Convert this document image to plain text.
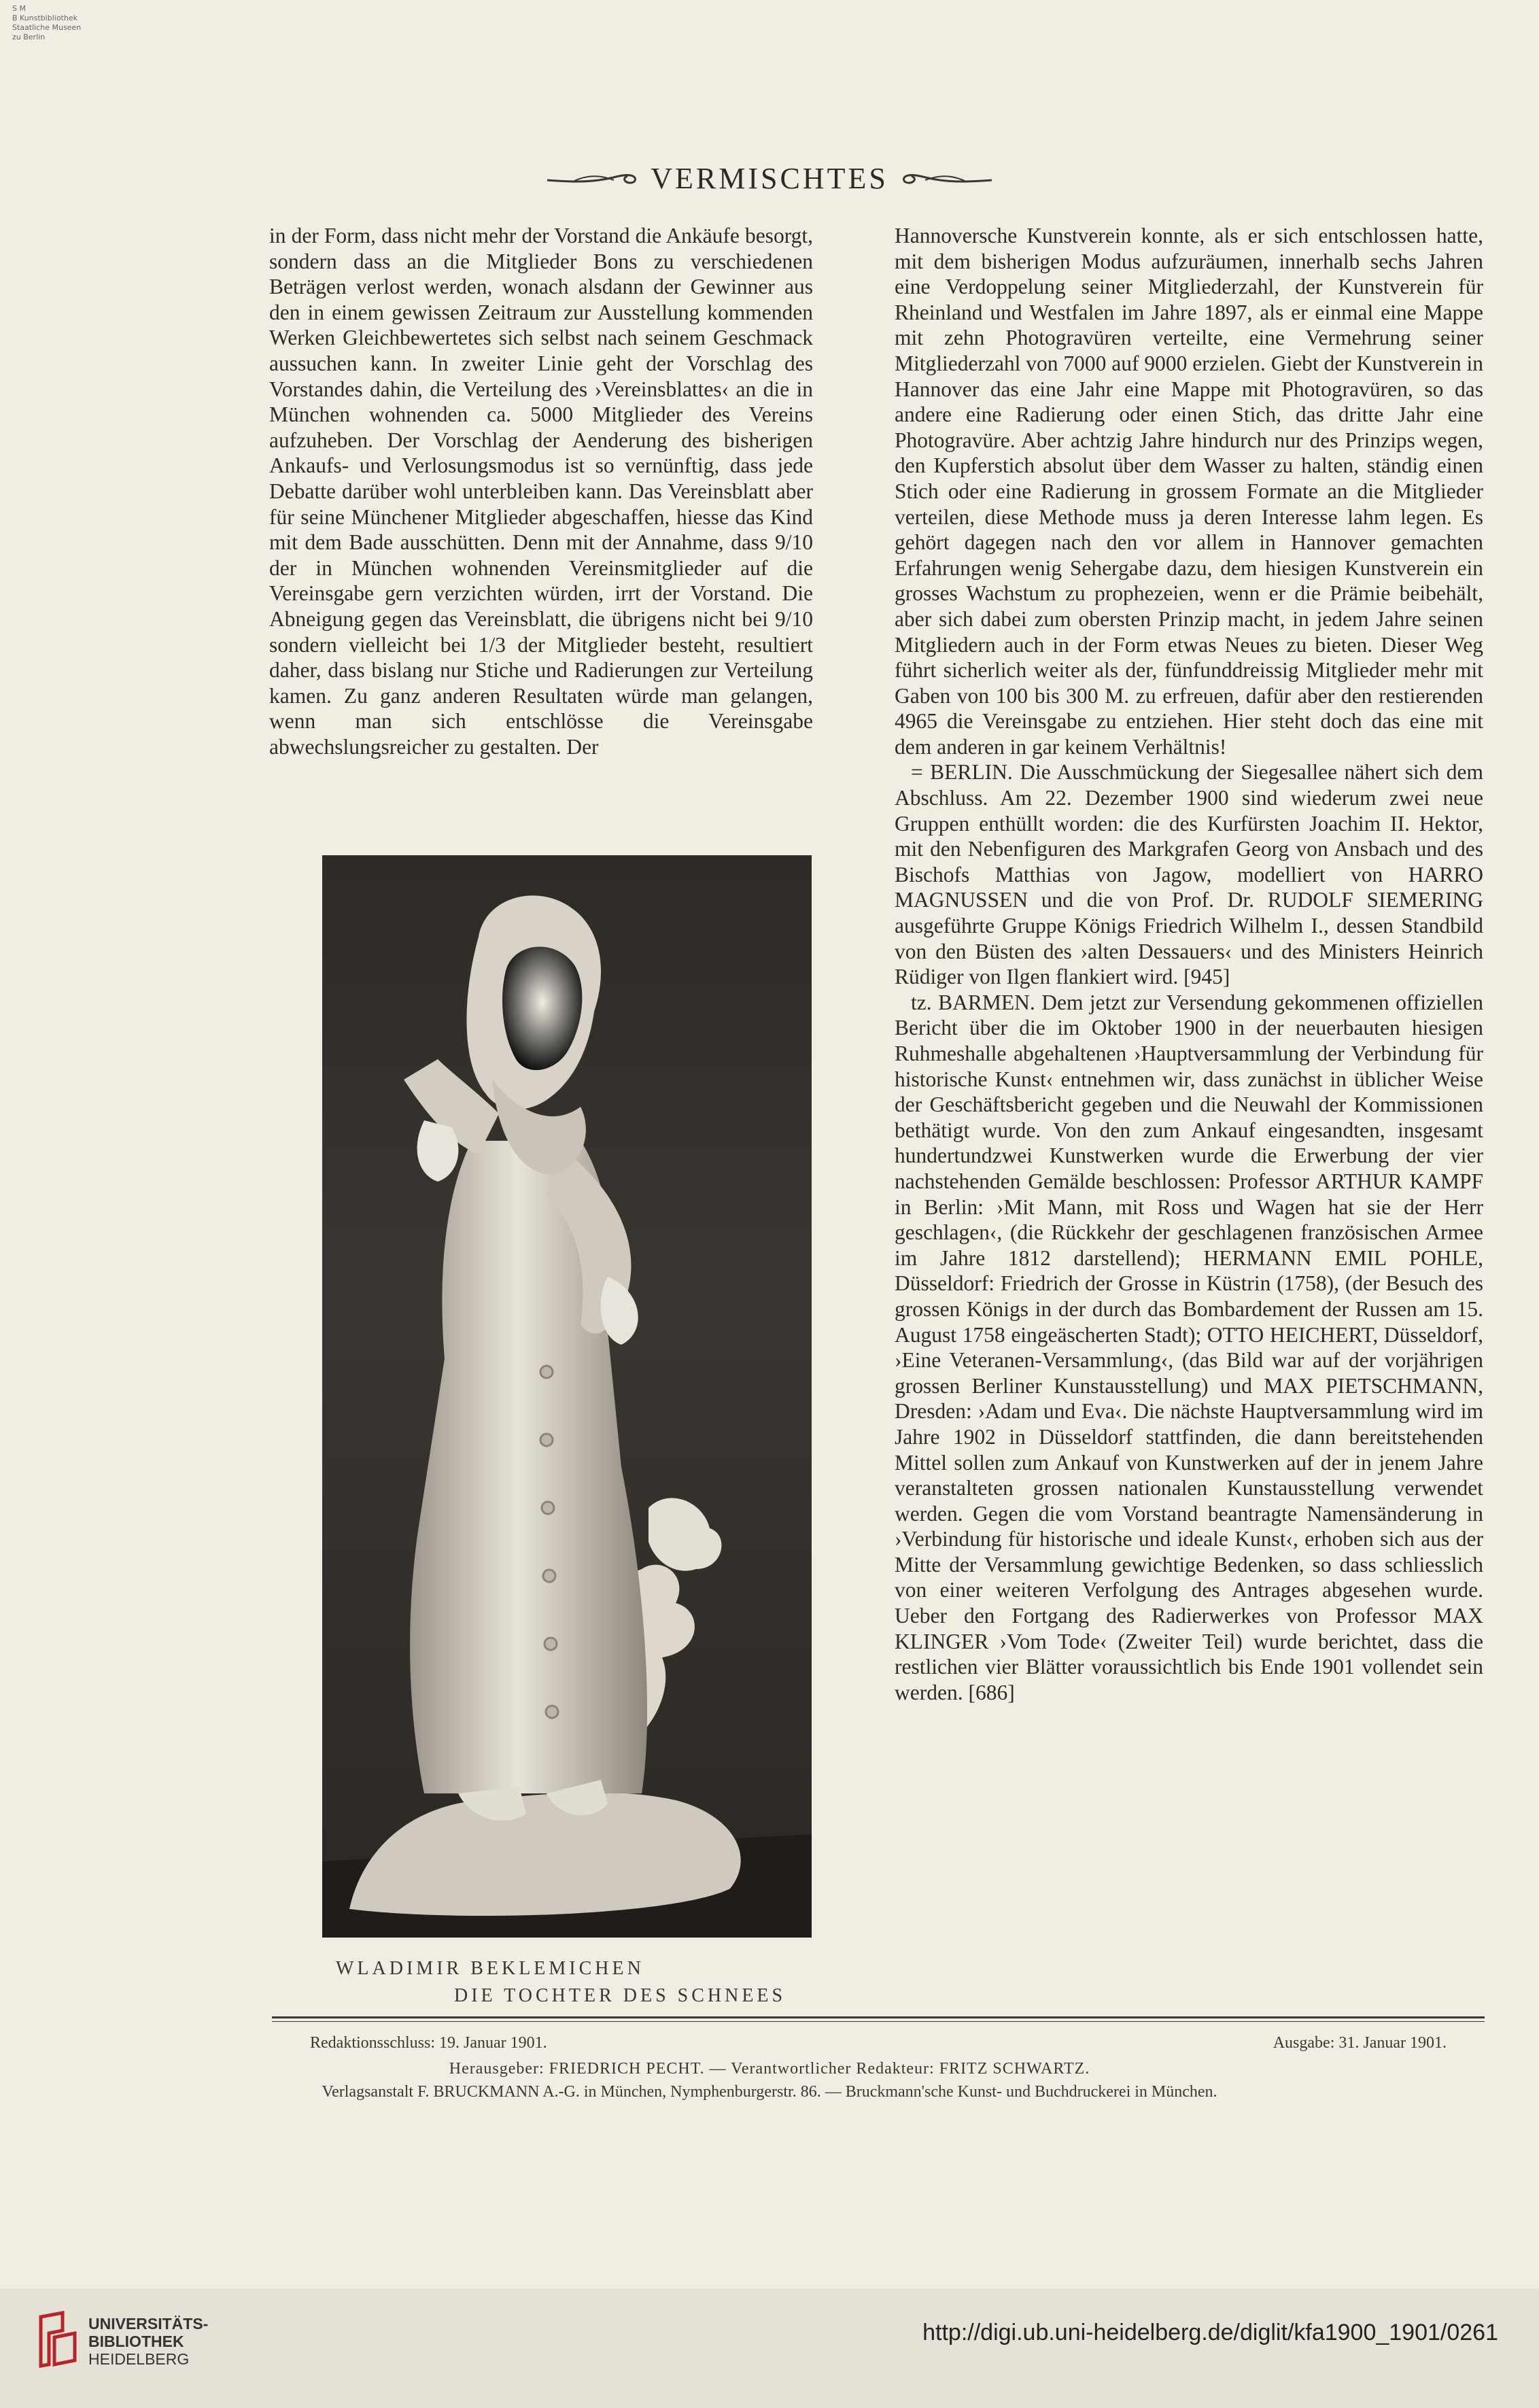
S M
B Kunstbibliothek
Staatliche Museen
zu Berlin
VERMISCHTES

in der Form, dass nicht mehr der Vorstand die Ankäufe besorgt, sondern dass an die Mitglieder Bons zu verschiedenen Beträgen verlost werden, wonach alsdann der Gewinner aus den in einem gewissen Zeitraum zur Ausstellung kommenden Werken Gleichbewertetes sich selbst nach seinem Geschmack aussuchen kann. In zweiter Linie geht der Vorschlag des Vorstandes dahin, die Verteilung des ›Vereinsblattes‹ an die in München wohnenden ca. 5000 Mitglieder des Vereins aufzuheben. Der Vorschlag der Aenderung des bisherigen Ankaufs- und Verlosungsmodus ist so vernünftig, dass jede Debatte darüber wohl unterbleiben kann. Das Vereinsblatt aber für seine Münchener Mitglieder abgeschaffen, hiesse das Kind mit dem Bade ausschütten. Denn mit der Annahme, dass 9/10 der in München wohnenden Vereinsmitglieder auf die Vereinsgabe gern verzichten würden, irrt der Vorstand. Die Abneigung gegen das Vereinsblatt, die übrigens nicht bei 9/10 sondern vielleicht bei 1/3 der Mitglieder besteht, resultiert daher, dass bislang nur Stiche und Radierungen zur Verteilung kamen. Zu ganz anderen Resultaten würde man gelangen, wenn man sich entschlösse die Vereinsgabe abwechslungsreicher zu gestalten. Der

Hannoversche Kunstverein konnte, als er sich entschlossen hatte, mit dem bisherigen Modus aufzuräumen, innerhalb sechs Jahren eine Verdoppelung seiner Mitgliederzahl, der Kunstverein für Rheinland und Westfalen im Jahre 1897, als er einmal eine Mappe mit zehn Photogravüren verteilte, eine Vermehrung seiner Mitgliederzahl von 7000 auf 9000 erzielen. Giebt der Kunstverein in Hannover das eine Jahr eine Mappe mit Photogravüren, so das andere eine Radierung oder einen Stich, das dritte Jahr eine Photogravüre. Aber achtzig Jahre hindurch nur des Prinzips wegen, den Kupferstich absolut über dem Wasser zu halten, ständig einen Stich oder eine Radierung in grossem Formate an die Mitglieder verteilen, diese Methode muss ja deren Interesse lahm legen. Es gehört dagegen nach den vor allem in Hannover gemachten Erfahrungen wenig Sehergabe dazu, dem hiesigen Kunstverein ein grosses Wachstum zu prophezeien, wenn er die Prämie beibehält, aber sich dabei zum obersten Prinzip macht, in jedem Jahre seinen Mitgliedern auch in der Form etwas Neues zu bieten. Dieser Weg führt sicherlich weiter als der, fünfunddreissig Mitglieder mehr mit Gaben von 100 bis 300 M. zu erfreuen, dafür aber den restierenden 4965 die Vereinsgabe zu entziehen. Hier steht doch das eine mit dem anderen in gar keinem Verhältnis!

= BERLIN. Die Ausschmückung der Siegesallee nähert sich dem Abschluss. Am 22. Dezember 1900 sind wiederum zwei neue Gruppen enthüllt worden: die des Kurfürsten Joachim II. Hektor, mit den Nebenfiguren des Markgrafen Georg von Ansbach und des Bischofs Matthias von Jagow, modelliert von HARRO MAGNUSSEN und die von Prof. Dr. RUDOLF SIEMERING ausgeführte Gruppe Königs Friedrich Wilhelm I., dessen Standbild von den Büsten des ›alten Dessauers‹ und des Ministers Heinrich Rüdiger von Ilgen flankiert wird. [945]

tz. BARMEN. Dem jetzt zur Versendung gekommenen offiziellen Bericht über die im Oktober 1900 in der neuerbauten hiesigen Ruhmeshalle abgehaltenen ›Hauptversammlung der Verbindung für historische Kunst‹ entnehmen wir, dass zunächst in üblicher Weise der Geschäftsbericht gegeben und die Neuwahl der Kommissionen bethätigt wurde. Von den zum Ankauf eingesandten, insgesamt hundertundzwei Kunstwerken wurde die Erwerbung der vier nachstehenden Gemälde beschlossen: Professor ARTHUR KAMPF in Berlin: ›Mit Mann, mit Ross und Wagen hat sie der Herr geschlagen‹, (die Rückkehr der geschlagenen französischen Armee im Jahre 1812 darstellend); HERMANN EMIL POHLE, Düsseldorf: Friedrich der Grosse in Küstrin (1758), (der Besuch des grossen Königs in der durch das Bombardement der Russen am 15. August 1758 eingeäscherten Stadt); OTTO HEICHERT, Düsseldorf, ›Eine Veteranen-Versammlung‹, (das Bild war auf der vorjährigen grossen Berliner Kunstausstellung) und MAX PIETSCHMANN, Dresden: ›Adam und Eva‹. Die nächste Hauptversammlung wird im Jahre 1902 in Düsseldorf stattfinden, die dann bereitstehenden Mittel sollen zum Ankauf von Kunstwerken auf der in jenem Jahre veranstalteten grossen nationalen Kunstausstellung verwendet werden. Gegen die vom Vorstand beantragte Namensänderung in ›Verbindung für historische und ideale Kunst‹, erhoben sich aus der Mitte der Versammlung gewichtige Bedenken, so dass schliesslich von einer weiteren Verfolgung des Antrages abgesehen wurde. Ueber den Fortgang des Radierwerkes von Professor MAX KLINGER ›Vom Tode‹ (Zweiter Teil) wurde berichtet, dass die restlichen vier Blätter voraussichtlich bis Ende 1901 vollendet sein werden. [686]

WLADIMIR BEKLEMICHEN
DIE TOCHTER DES SCHNEES
Redaktionsschluss: 19. Januar 1901.	Ausgabe: 31. Januar 1901.
Herausgeber: FRIEDRICH PECHT. — Verantwortlicher Redakteur: FRITZ SCHWARTZ.
Verlagsanstalt F. BRUCKMANN A.-G. in München, Nymphenburgerstr. 86. — Bruckmann'sche Kunst- und Buchdruckerei in München.
UNIVERSITÄTS-
BIBLIOTHEK
HEIDELBERG
http://digi.ub.uni-heidelberg.de/diglit/kfa1900_1901/0261
